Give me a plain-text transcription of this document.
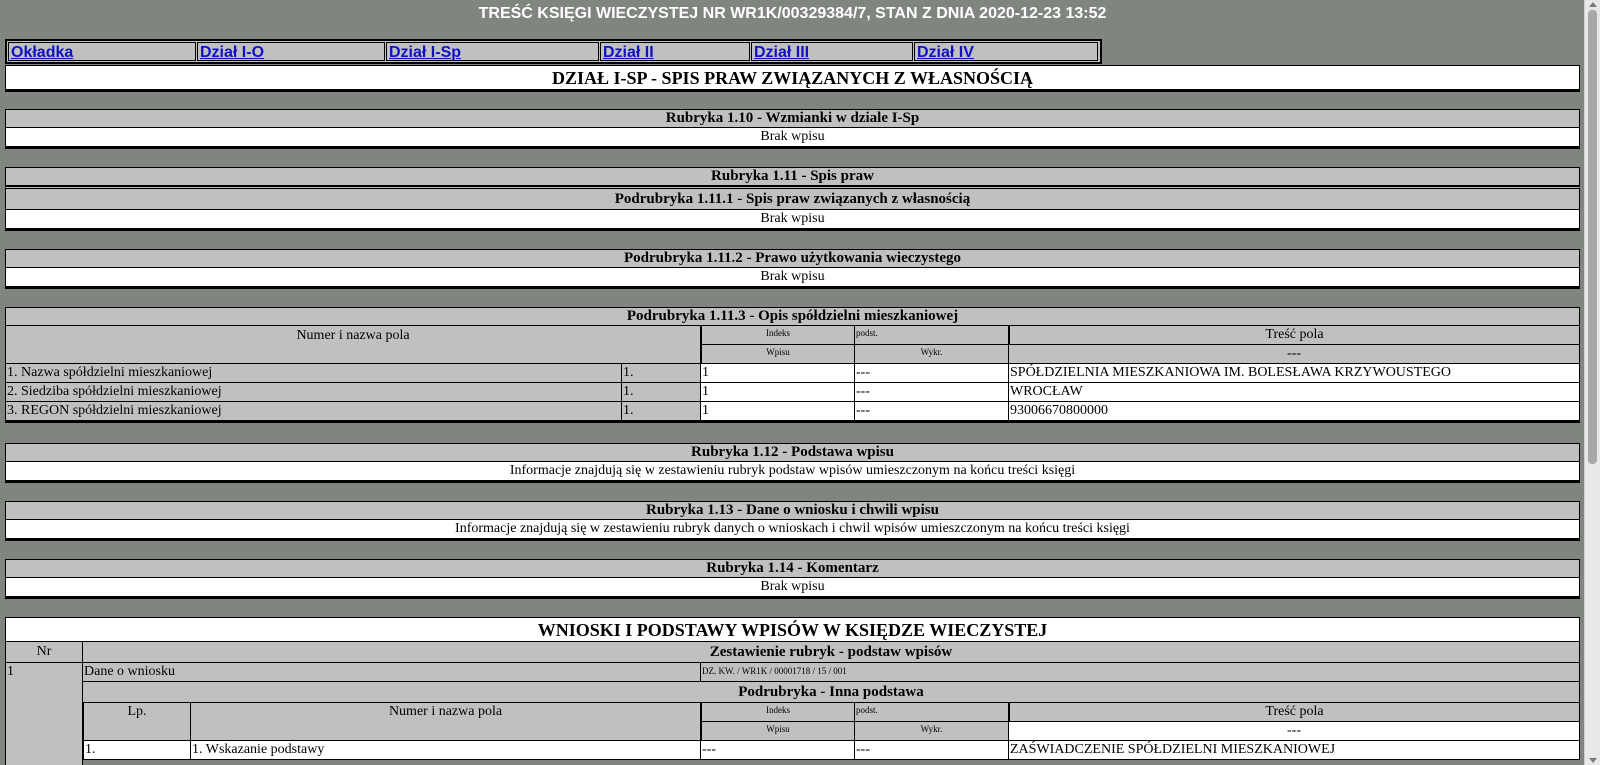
TREŚĆ KSIĘGI WIECZYSTEJ NR WR1K/00329384/7, STAN Z DNIA 2020-12-23 13:52
Okładka	Dział I-O	Dział I-Sp	Dział II	Dział III	Dział IV
DZIAŁ I-SP - SPIS PRAW ZWIĄZANYCH Z WŁASNOŚCIĄ
Rubryka 1.10 - Wzmianki w dziale I-Sp
Brak wpisu
Rubryka 1.11 - Spis praw
Podrubryka 1.11.1 - Spis praw związanych z własnością
Brak wpisu
Podrubryka 1.11.2 - Prawo użytkowania wieczystego
Brak wpisu
Podrubryka 1.11.3 - Opis spółdzielni mieszkaniowej
Numer i nazwa pola	Indeks	podst.
Wpisu	Wykr.
Treść pola
---
1. Nazwa spółdzielni mieszkaniowej	1.	1	---	SPÓŁDZIELNIA MIESZKANIOWA IM. BOLESŁAWA KRZYWOUSTEGO
2. Siedziba spółdzielni mieszkaniowej	1.	1	---	WROCŁAW
3. REGON spółdzielni mieszkaniowej	1.	1	---	93006670800000
Rubryka 1.12 - Podstawa wpisu
Informacje znajdują się w zestawieniu rubryk podstaw wpisów umieszczonym na końcu treści księgi
Rubryka 1.13 - Dane o wniosku i chwili wpisu
Informacje znajdują się w zestawieniu rubryk danych o wnioskach i chwil wpisów umieszczonym na końcu treści księgi
Rubryka 1.14 - Komentarz
Brak wpisu
WNIOSKI I PODSTAWY WPISÓW W KSIĘDZE WIECZYSTEJ
Nr	Zestawienie rubryk - podstaw wpisów
1	Dane o wniosku	DZ. KW. / WR1K / 00001718 / 15 / 001
Podrubryka - Inna podstawa
Lp.	Numer i nazwa pola	Indeks	podst.
Wpisu	Wykr.
Treść pola
---
1.	1. Wskazanie podstawy	---	---	ZAŚWIADCZENIE SPÓŁDZIELNI MIESZKANIOWEJ
